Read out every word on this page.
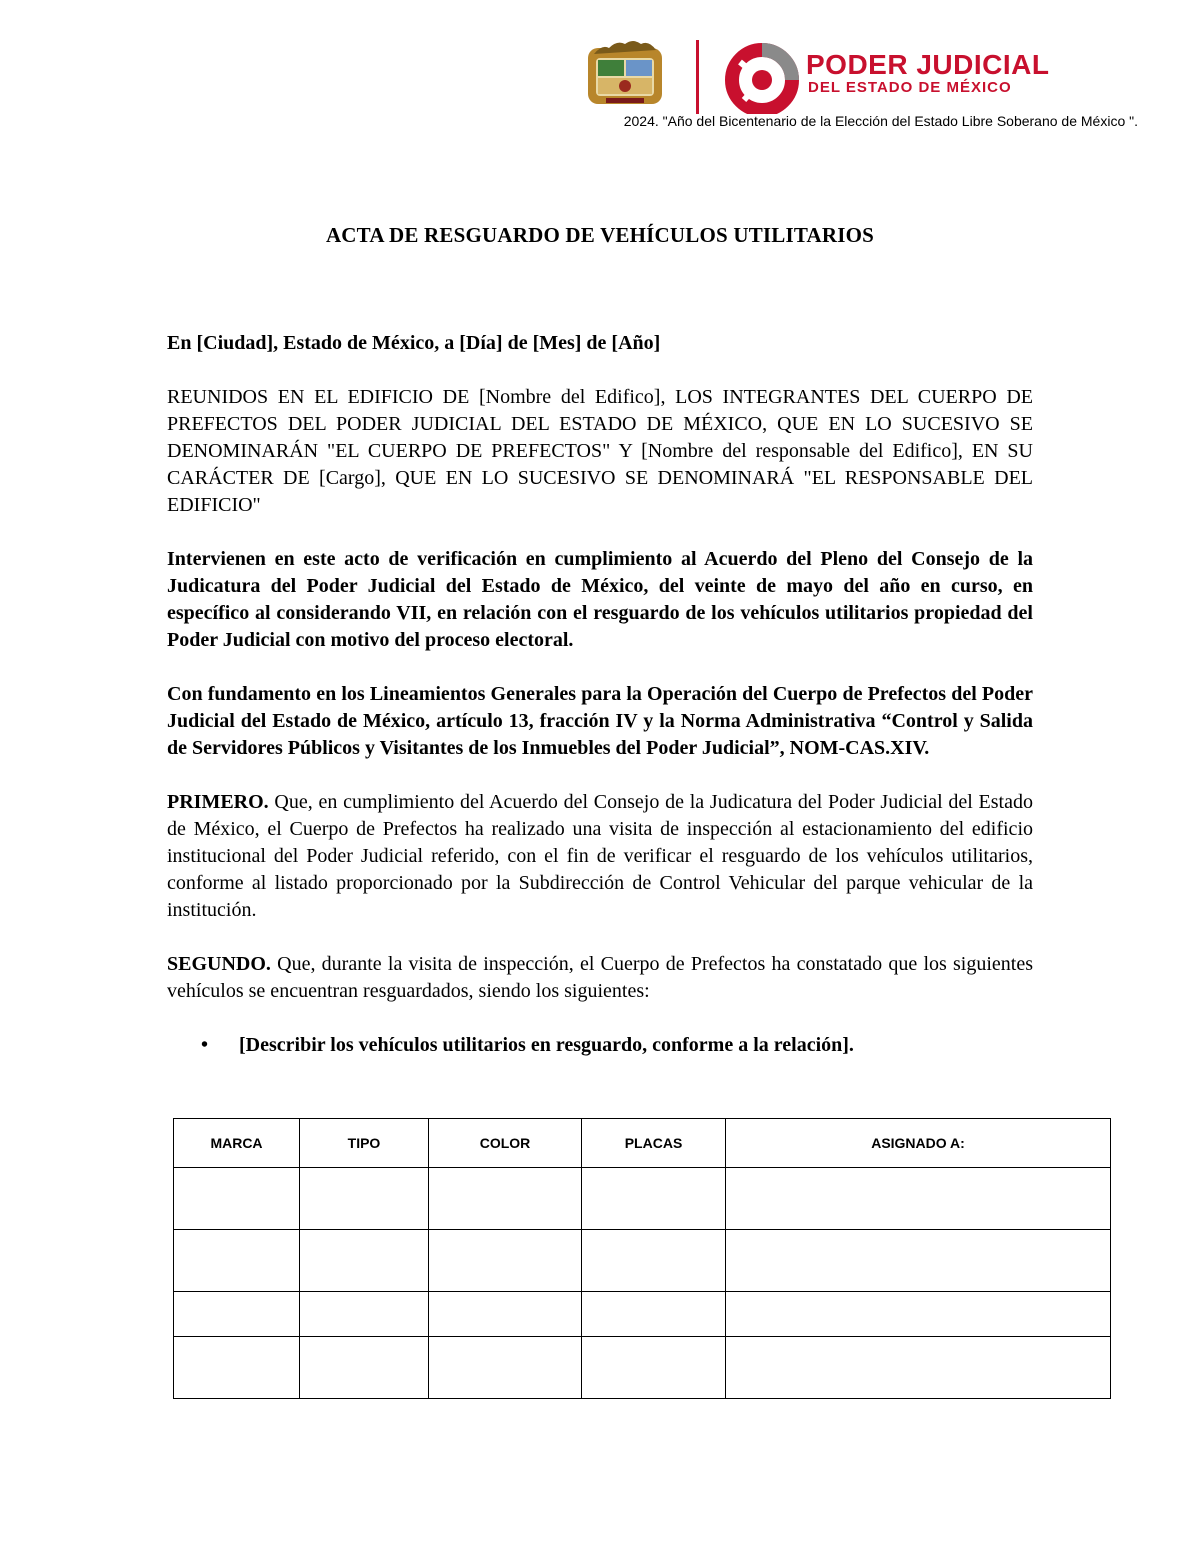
PODER JUDICIAL
DEL ESTADO DE MÉXICO
2024. "Año del Bicentenario de la Elección del Estado Libre Soberano de México ".
ACTA DE RESGUARDO DE VEHÍCULOS UTILITARIOS

En [Ciudad], Estado de México, a [Día] de [Mes] de [Año]

REUNIDOS EN EL EDIFICIO DE [Nombre del Edifico], LOS INTEGRANTES DEL CUERPO DE PREFECTOS DEL PODER JUDICIAL DEL ESTADO DE MÉXICO, QUE EN LO SUCESIVO SE DENOMINARÁN "EL CUERPO DE PREFECTOS" Y [Nombre del responsable del Edifico], EN SU CARÁCTER DE [Cargo], QUE EN LO SUCESIVO SE DENOMINARÁ "EL RESPONSABLE DEL EDIFICIO"

Intervienen en este acto de verificación en cumplimiento al Acuerdo del Pleno del Consejo de la Judicatura del Poder Judicial del Estado de México, del veinte de mayo del año en curso, en específico al considerando VII, en relación con el resguardo de los vehículos utilitarios propiedad del Poder Judicial con motivo del proceso electoral.

Con fundamento en los Lineamientos Generales para la Operación del Cuerpo de Prefectos del Poder Judicial del Estado de México, artículo 13, fracción IV y la Norma Administrativa “Control y Salida de Servidores Públicos y Visitantes de los Inmuebles del Poder Judicial”, NOM-CAS.XIV.

PRIMERO. Que, en cumplimiento del Acuerdo del Consejo de la Judicatura del Poder Judicial del Estado de México, el Cuerpo de Prefectos ha realizado una visita de inspección al estacionamiento del edificio institucional del Poder Judicial referido, con el fin de verificar el resguardo de los vehículos utilitarios, conforme al listado proporcionado por la Subdirección de Control Vehicular del parque vehicular de la institución.

SEGUNDO. Que, durante la visita de inspección, el Cuerpo de Prefectos ha constatado que los siguientes vehículos se encuentran resguardados, siendo los siguientes:

•	[Describir los vehículos utilitarios en resguardo, conforme a la relación].
MARCA	TIPO	COLOR	PLACAS	ASIGNADO A:
